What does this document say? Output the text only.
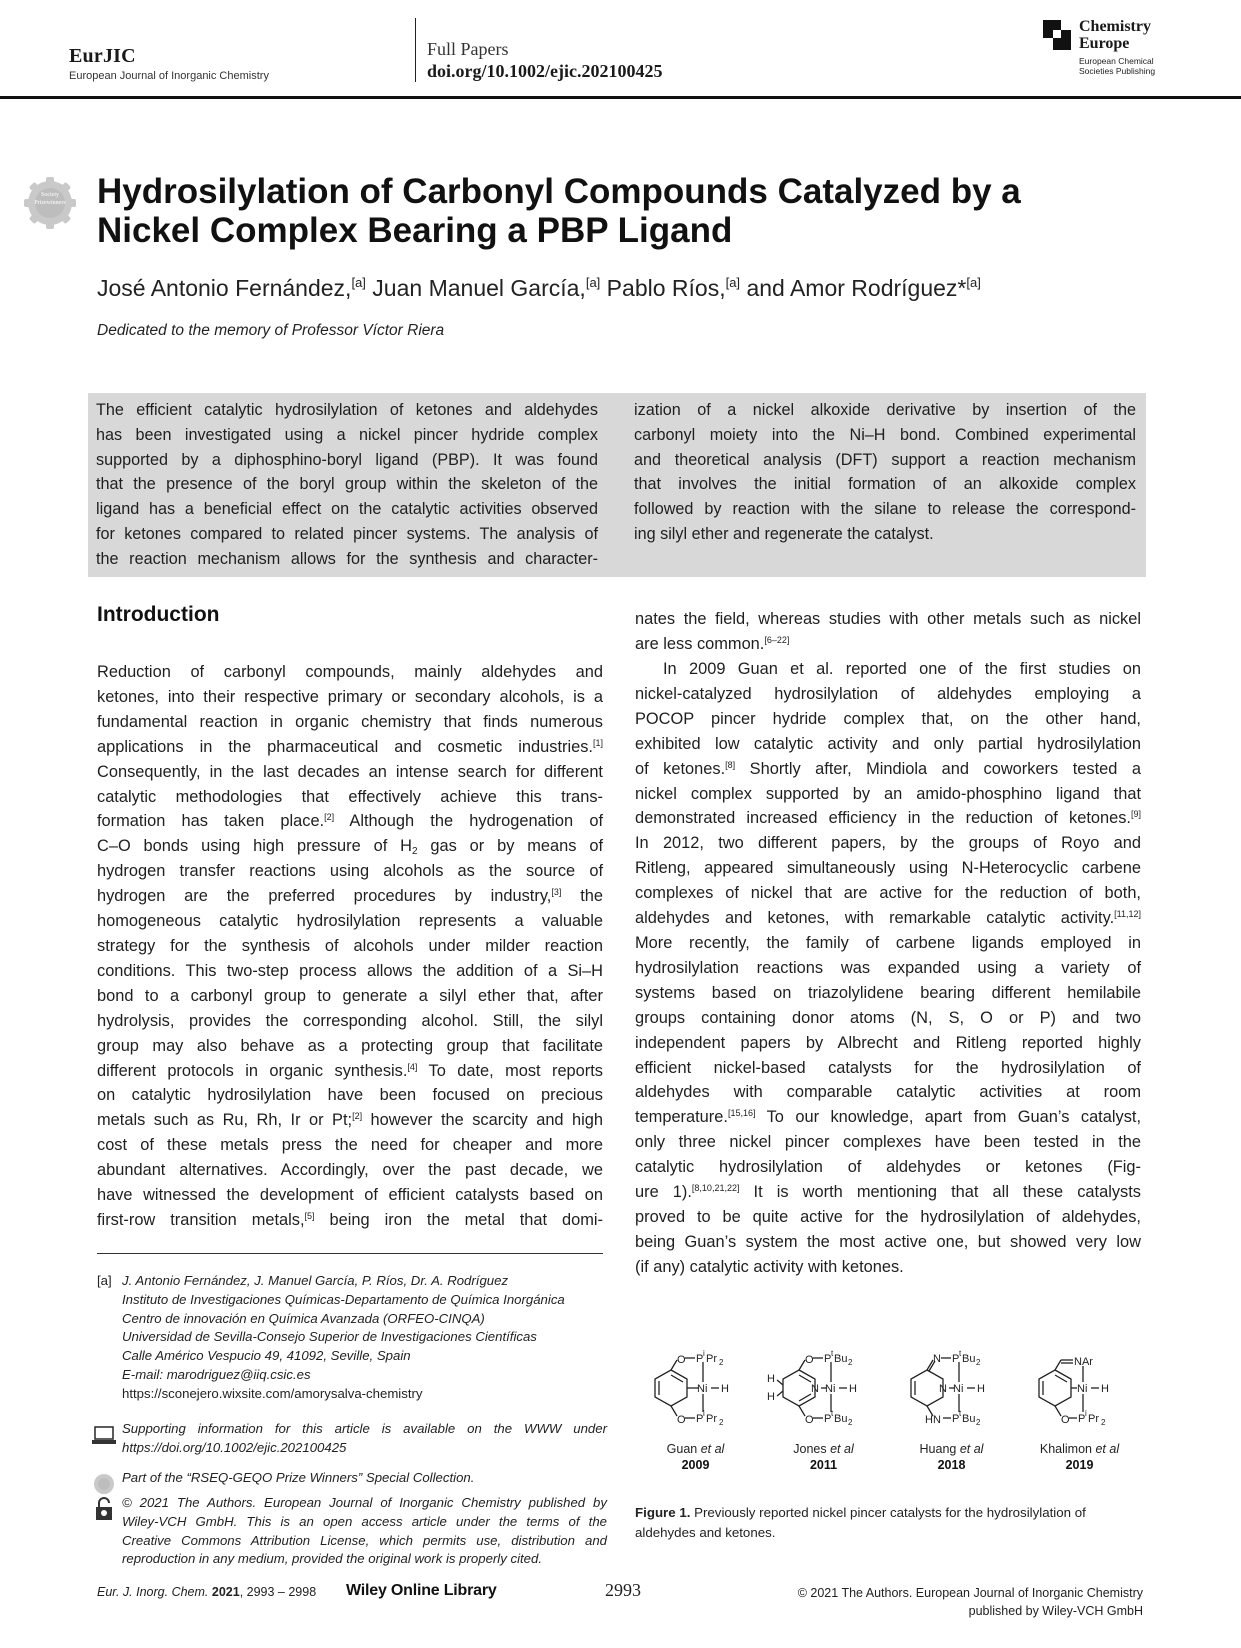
EurJIC
European Journal of Inorganic Chemistry
Full Papers
doi.org/10.1002/ejic.202100425
Chemistry
Europe
European Chemical
Societies Publishing
Society
Prizewinners Hydrosilylation of Carbonyl Compounds Catalyzed by a
Nickel Complex Bearing a PBP Ligand
José Antonio Fernández,[a] Juan Manuel García,[a] Pablo Ríos,[a] and Amor Rodríguez*[a]
Dedicated to the memory of Professor Víctor Riera
The efficient catalytic hydrosilylation of ketones and aldehydes
has been investigated using a nickel pincer hydride complex
supported by a diphosphino-boryl ligand (PBP). It was found
that the presence of the boryl group within the skeleton of the
ligand has a beneficial effect on the catalytic activities observed
for ketones compared to related pincer systems. The analysis of
the reaction mechanism allows for the synthesis and character-
ization of a nickel alkoxide derivative by insertion of the
carbonyl moiety into the Ni–H bond. Combined experimental
and theoretical analysis (DFT) support a reaction mechanism
that involves the initial formation of an alkoxide complex
followed by reaction with the silane to release the correspond-
ing silyl ether and regenerate the catalyst.
Introduction
Reduction of carbonyl compounds, mainly aldehydes and
ketones, into their respective primary or secondary alcohols, is a
fundamental reaction in organic chemistry that finds numerous
applications in the pharmaceutical and cosmetic industries.[1]
Consequently, in the last decades an intense search for different
catalytic methodologies that effectively achieve this trans-
formation has taken place.[2] Although the hydrogenation of
C–O bonds using high pressure of $H_2$ gas or by means of
hydrogen transfer reactions using alcohols as the source of
hydrogen are the preferred procedures by industry,[3] the
homogeneous catalytic hydrosilylation represents a valuable
strategy for the synthesis of alcohols under milder reaction
conditions. This two-step process allows the addition of a Si–H
bond to a carbonyl group to generate a silyl ether that, after
hydrolysis, provides the corresponding alcohol. Still, the silyl
group may also behave as a protecting group that facilitate
different protocols in organic synthesis.[4] To date, most reports
on catalytic hydrosilylation have been focused on precious
metals such as Ru, Rh, Ir or Pt;[2] however the scarcity and high
cost of these metals press the need for cheaper and more
abundant alternatives. Accordingly, over the past decade, we
have witnessed the development of efficient catalysts based on
first-row transition metals,[5] being iron the metal that domi-
nates the field, whereas studies with other metals such as nickel
are less common.[6–22]
In 2009 Guan et al. reported one of the first studies on
nickel-catalyzed hydrosilylation of aldehydes employing a
POCOP pincer hydride complex that, on the other hand,
exhibited low catalytic activity and only partial hydrosilylation
of ketones.[8] Shortly after, Mindiola and coworkers tested a
nickel complex supported by an amido-phosphino ligand that
demonstrated increased efficiency in the reduction of ketones.[9]
In 2012, two different papers, by the groups of Royo and
Ritleng, appeared simultaneously using N-Heterocyclic carbene
complexes of nickel that are active for the reduction of both,
aldehydes and ketones, with remarkable catalytic activity.[11,12]
More recently, the family of carbene ligands employed in
hydrosilylation reactions was expanded using a variety of
systems based on triazolylidene bearing different hemilabile
groups containing donor atoms (N, S, O or P) and two
independent papers by Albrecht and Ritleng reported highly
efficient nickel-based catalysts for the hydrosilylation of
aldehydes with comparable catalytic activities at room
temperature.[15,16] To our knowledge, apart from Guan’s catalyst,
only three nickel pincer complexes have been tested in the
catalytic hydrosilylation of aldehydes or ketones (Fig-
ure 1).[8,10,21,22] It is worth mentioning that all these catalysts
proved to be quite active for the hydrosilylation of aldehydes,
being Guan’s system the most active one, but showed very low
(if any) catalytic activity with ketones.
[a] J. Antonio Fernández, J. Manuel García, P. Ríos, Dr. A. Rodríguez
Instituto de Investigaciones Químicas-Departamento de Química Inorgánica
Centro de innovación en Química Avanzada (ORFEO-CINQA)
Universidad de Sevilla-Consejo Superior de Investigaciones Científicas
Calle Américo Vespucio 49, 41092, Seville, Spain
E-mail: marodriguez@iiq.csic.es
https://sconejero.wixsite.com/amorysalva-chemistry
Supporting information for this article is available on the WWW under
https://doi.org/10.1002/ejic.202100425
Part of the “RSEQ-GEQO Prize Winners” Special Collection.
© 2021 The Authors. European Journal of Inorganic Chemistry published by
Wiley-VCH GmbH. This is an open access article under the terms of the
Creative Commons Attribution License, which permits use, distribution and
reproduction in any medium, provided the original work is properly cited.
O P i Pr 2
O P i Pr 2
Ni H
Guan et al
2009
O P t Bu 2
O P t Bu 2
N Ni H
H
H
Jones et al
2011
N P t Bu 2
HN P t Bu 2
N Ni H
Huang et al
2018
NAr
O P i Pr 2
Ni H
Khalimon et al
2019
Figure 1. Previously reported nickel pincer catalysts for the hydrosilylation of
aldehydes and ketones.
Eur. J. Inorg. Chem. 2021, 2993 – 2998 Wiley Online Library	2993	© 2021 The Authors. European Journal of Inorganic Chemistry
published by Wiley-VCH GmbH
